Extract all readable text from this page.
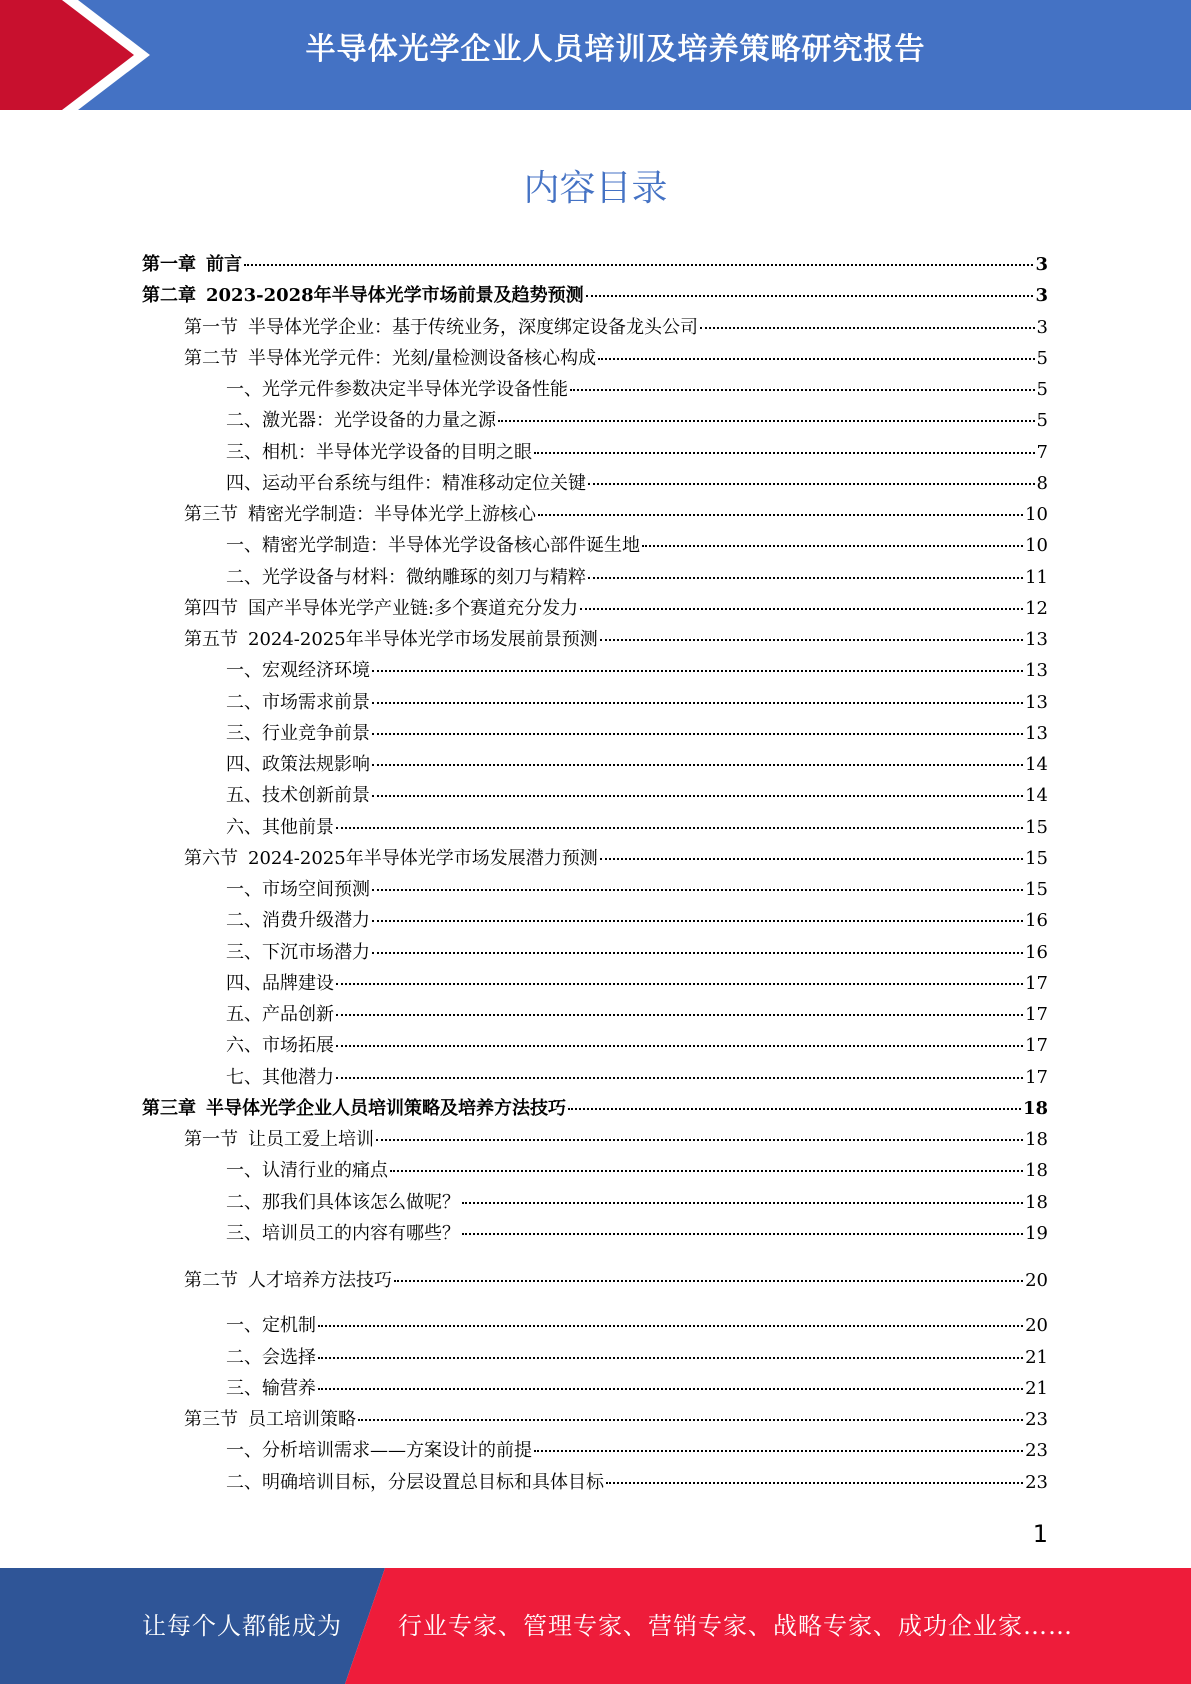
半导体光学企业人员培训及培养策略研究报告
内容目录
第一章 前言	3
第二章 2023-2028年半导体光学市场前景及趋势预测	3
第一节 半导体光学企业：基于传统业务，深度绑定设备龙头公司	3
第二节 半导体光学元件：光刻/量检测设备核心构成	5
一、光学元件参数决定半导体光学设备性能	5
二、激光器：光学设备的力量之源	5
三、相机：半导体光学设备的目明之眼	7
四、运动平台系统与组件：精准移动定位关键	8
第三节 精密光学制造：半导体光学上游核心	10
一、精密光学制造：半导体光学设备核心部件诞生地	10
二、光学设备与材料：微纳雕琢的刻刀与精粹	11
第四节 国产半导体光学产业链:多个赛道充分发力	12
第五节 2024-2025年半导体光学市场发展前景预测	13
一、宏观经济环境	13
二、市场需求前景	13
三、行业竞争前景	13
四、政策法规影响	14
五、技术创新前景	14
六、其他前景	15
第六节 2024-2025年半导体光学市场发展潜力预测	15
一、市场空间预测	15
二、消费升级潜力	16
三、下沉市场潜力	16
四、品牌建设	17
五、产品创新	17
六、市场拓展	17
七、其他潜力	17
第三章 半导体光学企业人员培训策略及培养方法技巧	18
第一节 让员工爱上培训	18
一、认清行业的痛点	18
二、那我们具体该怎么做呢？	18
三、培训员工的内容有哪些？	19
第二节 人才培养方法技巧	20
一、定机制	20
二、会选择	21
三、输营养	21
第三节 员工培训策略	23
一、分析培训需求——方案设计的前提	23
二、明确培训目标，分层设置总目标和具体目标	23
1
让每个人都能成为 行业专家、管理专家、营销专家、战略专家、成功企业家……
